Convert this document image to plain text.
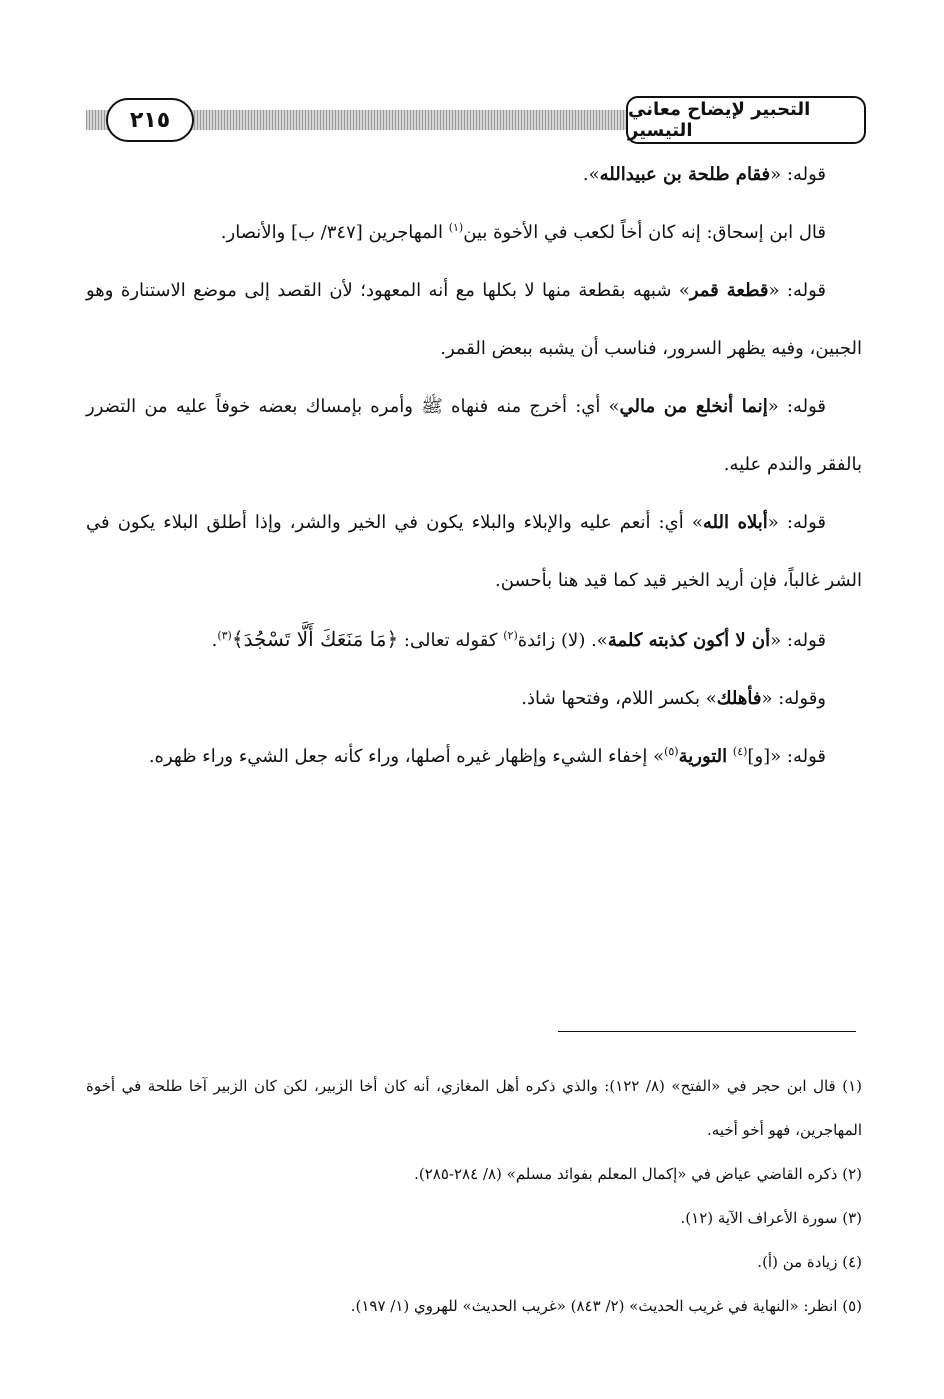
٢١٥	التحبير لإيضاح معاني التيسير

قوله: «فقام طلحة بن عبيدالله».

قال ابن إسحاق: إنه كان أخاً لكعب في الأخوة بين$^{(١)}$ المهاجرين [٣٤٧/ ب] والأنصار.

قوله: «قطعة قمر» شبهه بقطعة منها لا بكلها مع أنه المعهود؛ لأن القصد إلى موضع الاستنارة وهو الجبين، وفيه يظهر السرور، فناسب أن يشبه ببعض القمر.

قوله: «إنما أنخلع من مالي» أي: أخرج منه فنهاه ﷺ وأمره بإمساك بعضه خوفاً عليه من التضرر بالفقر والندم عليه.

قوله: «أبلاه الله» أي: أنعم عليه والإبلاء والبلاء يكون في الخير والشر، وإذا أطلق البلاء يكون في الشر غالباً، فإن أريد الخير قيد كما قيد هنا بأحسن.

قوله: «أن لا أكون كذبته كلمة». (لا) زائدة$^{(٢)}$ كقوله تعالى: ﴿مَا مَنَعَكَ أَلَّا تَسْجُدَ﴾$^{(٣)}$.

وقوله: «فأهلك» بكسر اللام، وفتحها شاذ.

قوله: «[و]$^{(٤)}$ التورية$^{(٥)}$» إخفاء الشيء وإظهار غيره أصلها، وراء كأنه جعل الشيء وراء ظهره.

(١) قال ابن حجر في «الفتح» (٨/ ١٢٢): والذي ذكره أهل المغازي، أنه كان أخا الزبير، لكن كان الزبير آخا طلحة في أخوة المهاجرين، فهو أخو أخيه.

(٢) ذكره القاضي عياض في «إكمال المعلم بفوائد مسلم» (٨/ ٢٨٤-٢٨٥).

(٣) سورة الأعراف الآية (١٢).

(٤) زيادة من (أ).

(٥) انظر: «النهاية في غريب الحديث» (٢/ ٨٤٣) «غريب الحديث» للهروي (١/ ١٩٧).
